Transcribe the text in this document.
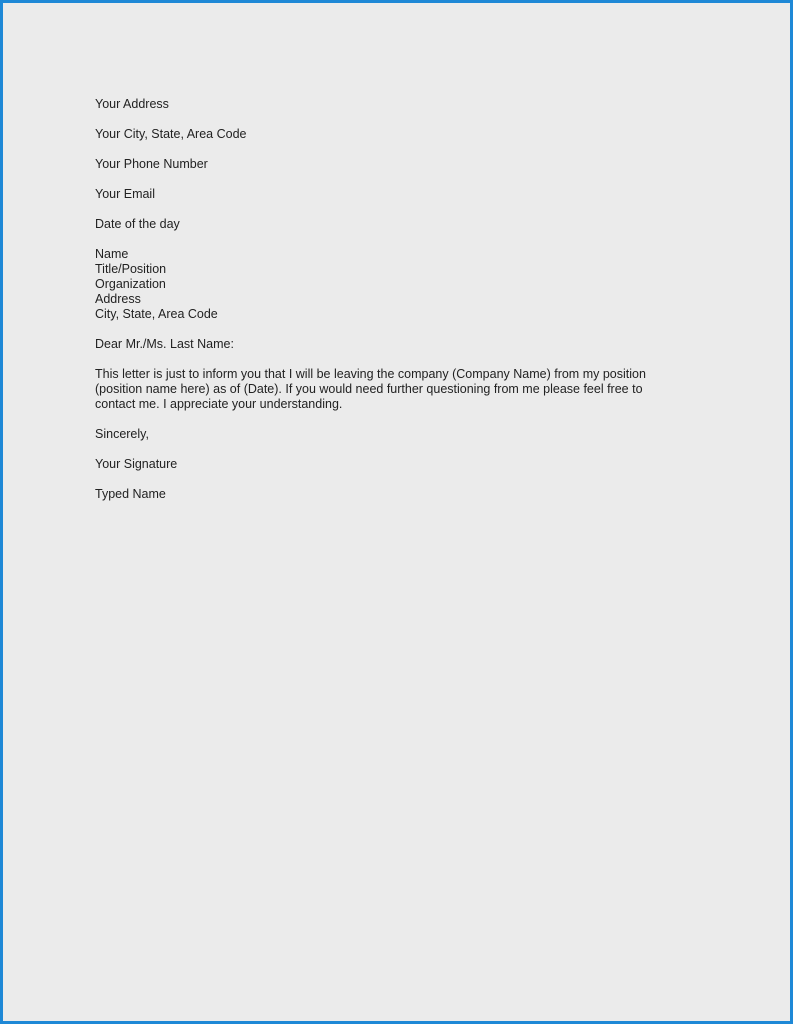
Your Address
Your City, State, Area Code
Your Phone Number
Your Email
Date of the day
Name
Title/Position
Organization
Address
City, State, Area Code
Dear Mr./Ms. Last Name:
This letter is just to inform you that I will be leaving the company (Company Name) from my position
(position name here) as of (Date). If you would need further questioning from me please feel free to
contact me. I appreciate your understanding.
Sincerely,
Your Signature
Typed Name
